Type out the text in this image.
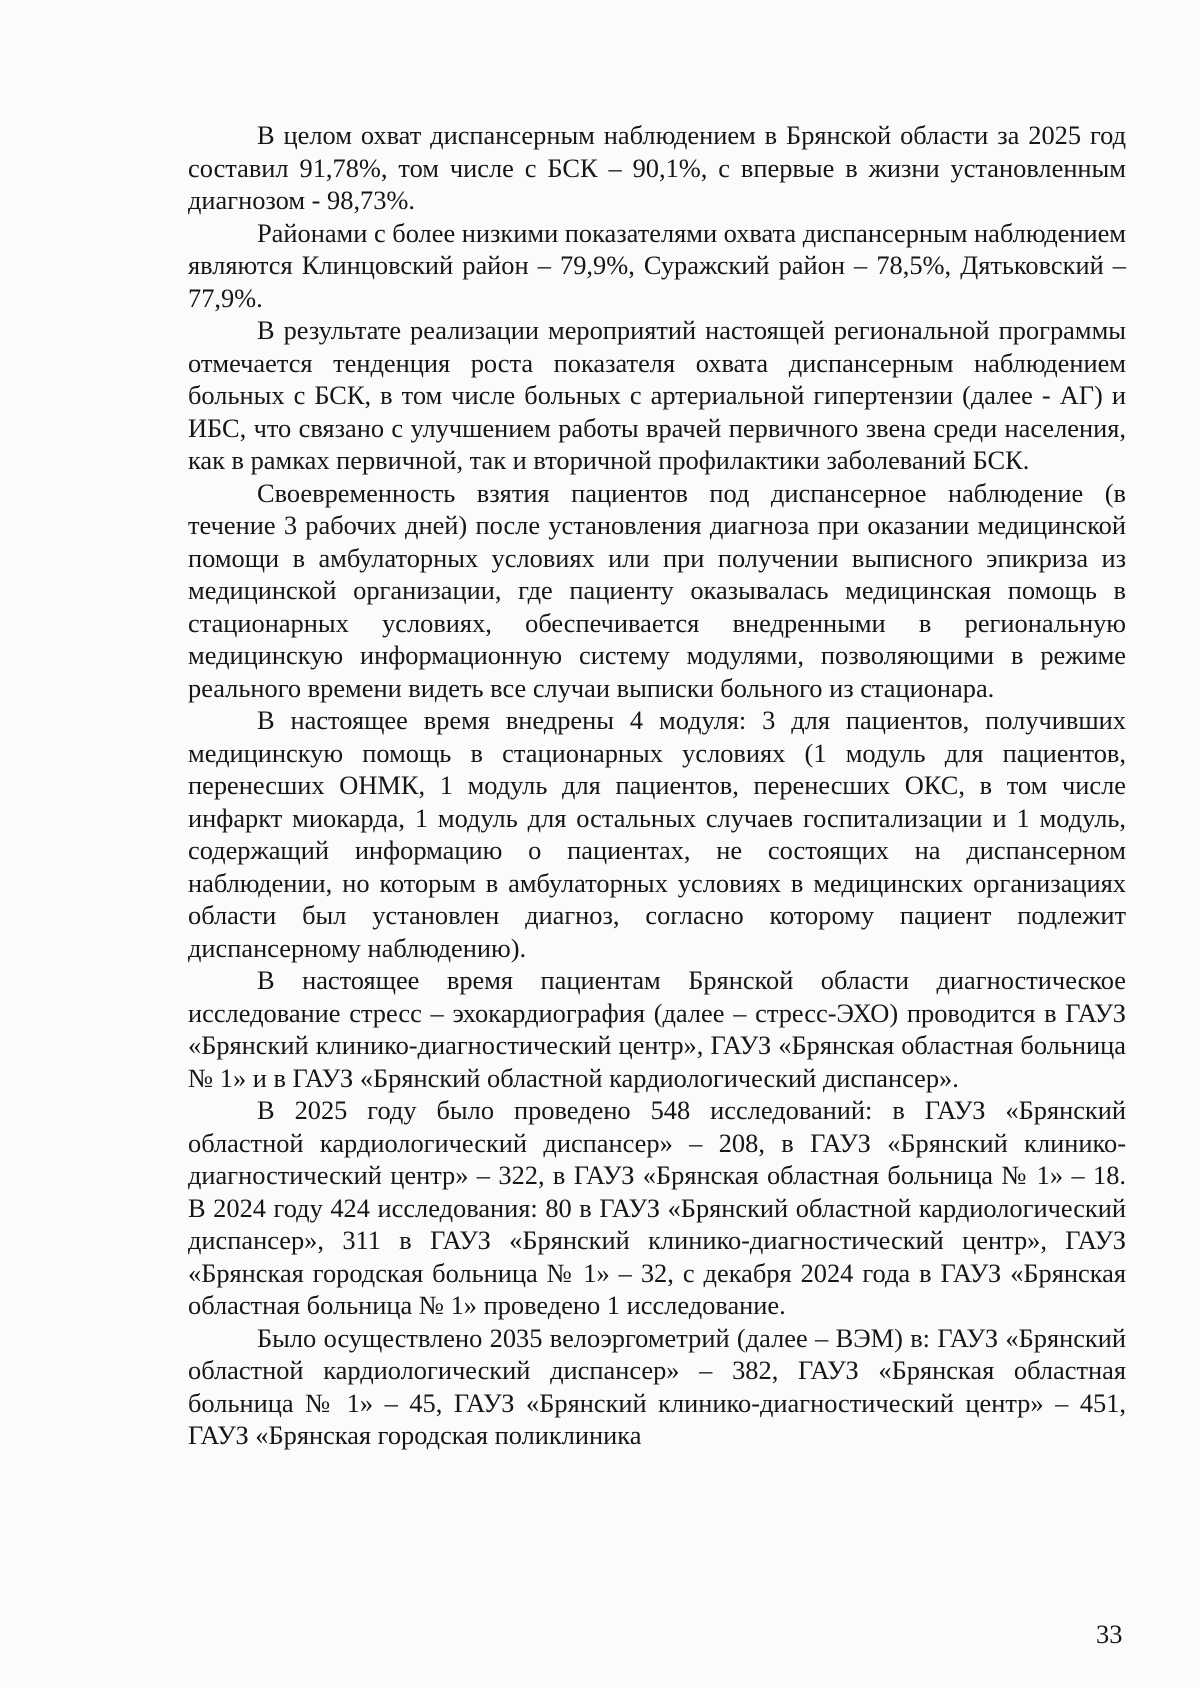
В целом охват диспансерным наблюдением в Брянской области за 2025 год составил 91,78%, том числе с БСК – 90,1%, с впервые в жизни установленным диагнозом - 98,73%.

Районами с более низкими показателями охвата диспансерным наблюдением являются Клинцовский район – 79,9%, Суражский район – 78,5%, Дятьковский – 77,9%.

В результате реализации мероприятий настоящей региональной программы отмечается тенденция роста показателя охвата диспансерным наблюдением больных с БСК, в том числе больных с артериальной гипертензии (далее - АГ) и ИБС, что связано с улучшением работы врачей первичного звена среди населения, как в рамках первичной, так и вторичной профилактики заболеваний БСК.

Своевременность взятия пациентов под диспансерное наблюдение (в течение 3 рабочих дней) после установления диагноза при оказании медицинской помощи в амбулаторных условиях или при получении выписного эпикриза из медицинской организации, где пациенту оказывалась медицинская помощь в стационарных условиях, обеспечивается внедренными в региональную медицинскую информационную систему модулями, позволяющими в режиме реального времени видеть все случаи выписки больного из стационара.

В настоящее время внедрены 4 модуля: 3 для пациентов, получивших медицинскую помощь в стационарных условиях (1 модуль для пациентов, перенесших ОНМК, 1 модуль для пациентов, перенесших ОКС, в том числе инфаркт миокарда, 1 модуль для остальных случаев госпитализации и 1 модуль, содержащий информацию о пациентах, не состоящих на диспансерном наблюдении, но которым в амбулаторных условиях в медицинских организациях области был установлен диагноз, согласно которому пациент подлежит диспансерному наблюдению).

В настоящее время пациентам Брянской области диагностическое исследование стресс – эхокардиография (далее – стресс-ЭХО) проводится в ГАУЗ «Брянский клинико-диагностический центр», ГАУЗ «Брянская областная больница № 1» и в ГАУЗ «Брянский областной кардиологический диспансер».

В 2025 году было проведено 548 исследований: в ГАУЗ «Брянский областной кардиологический диспансер» – 208, в ГАУЗ «Брянский клинико-диагностический центр» – 322, в ГАУЗ «Брянская областная больница № 1» – 18. В 2024 году 424 исследования: 80 в ГАУЗ «Брянский областной кардиологический диспансер», 311 в ГАУЗ «Брянский клинико-диагностический центр», ГАУЗ «Брянская городская больница № 1» – 32, с декабря 2024 года в ГАУЗ «Брянская областная больница № 1» проведено 1 исследование.

Было осуществлено 2035 велоэргометрий (далее – ВЭМ) в: ГАУЗ «Брянский областной кардиологический диспансер» – 382, ГАУЗ «Брянская областная больница № 1» – 45, ГАУЗ «Брянский клинико-диагностический центр» – 451, ГАУЗ «Брянская городская поликлиника

33
